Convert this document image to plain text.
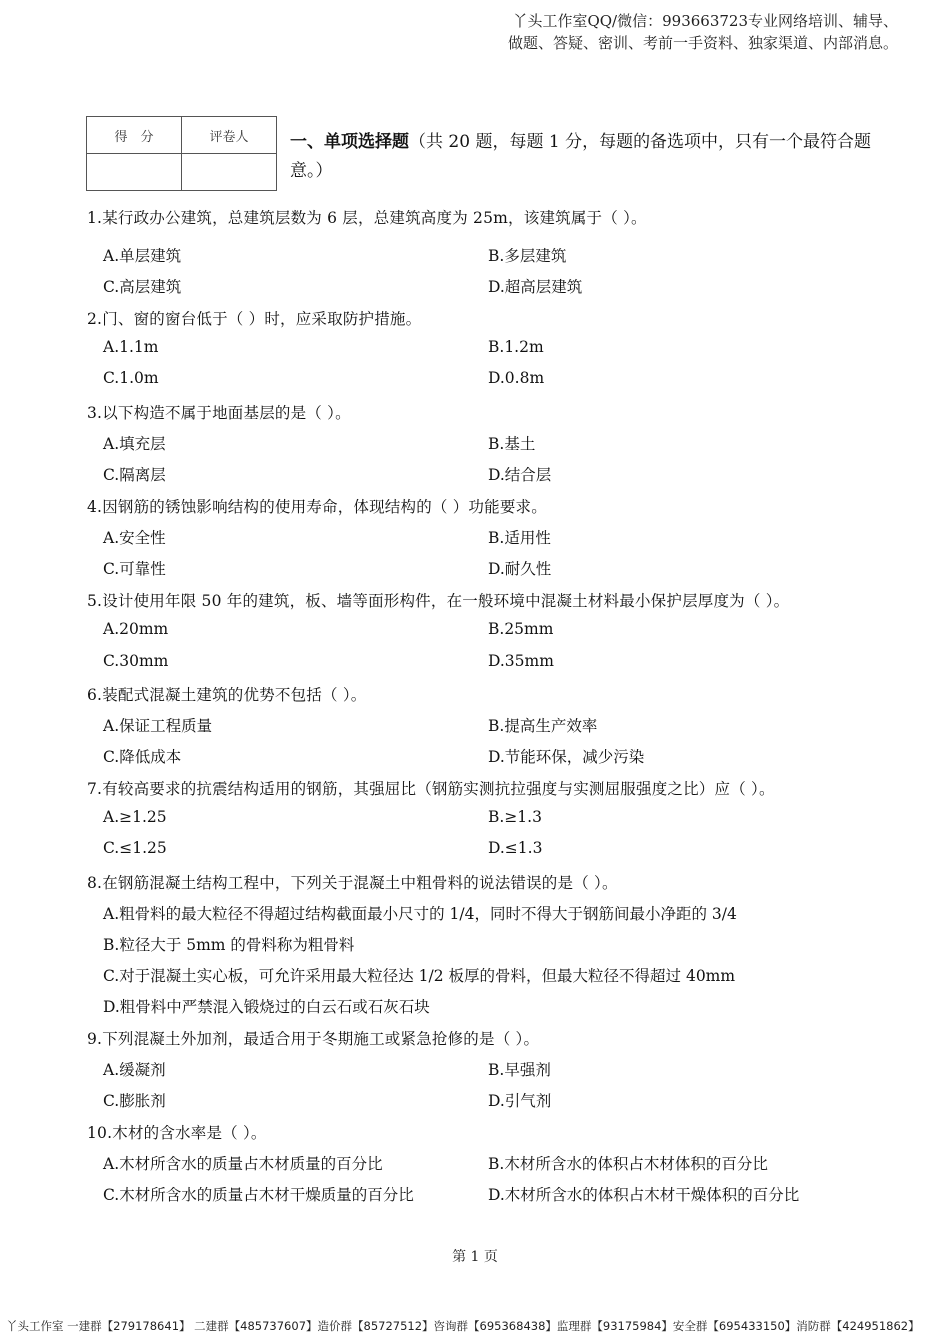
丫头工作室QQ/微信：993663723专业网络培训、辅导、
做题、答疑、密训、考前一手资料、独家渠道、内部消息。
得　分	评卷人
	一、单项选择题（共 20 题，每题 1 分，每题的备选项中，只有一个最符合题意。）
1.某行政办公建筑，总建筑层数为 6 层，总建筑高度为 25m，该建筑属于（ ）。
A.单层建筑	B.多层建筑
C.高层建筑	D.超高层建筑
2.门、窗的窗台低于（ ）时，应采取防护措施。
A.1.1m	B.1.2m
C.1.0m	D.0.8m
3.以下构造不属于地面基层的是（ ）。
A.填充层	B.基土
C.隔离层	D.结合层
4.因钢筋的锈蚀影响结构的使用寿命，体现结构的（ ）功能要求。
A.安全性	B.适用性
C.可靠性	D.耐久性
5.设计使用年限 50 年的建筑，板、墙等面形构件，在一般环境中混凝土材料最小保护层厚度为（ ）。
A.20mm	B.25mm
C.30mm	D.35mm
6.装配式混凝土建筑的优势不包括（ ）。
A.保证工程质量	B.提高生产效率
C.降低成本	D.节能环保，减少污染
7.有较高要求的抗震结构适用的钢筋，其强屈比（钢筋实测抗拉强度与实测屈服强度之比）应（ ）。
A.≥1.25	B.≥1.3
C.≤1.25	D.≤1.3
8.在钢筋混凝土结构工程中，下列关于混凝土中粗骨料的说法错误的是（ ）。
A.粗骨料的最大粒径不得超过结构截面最小尺寸的 1/4，同时不得大于钢筋间最小净距的 3/4
B.粒径大于 5mm 的骨料称为粗骨料
C.对于混凝土实心板，可允许采用最大粒径达 1/2 板厚的骨料，但最大粒径不得超过 40mm
D.粗骨料中严禁混入锻烧过的白云石或石灰石块
9.下列混凝土外加剂，最适合用于冬期施工或紧急抢修的是（ ）。
A.缓凝剂	B.早强剂
C.膨胀剂	D.引气剂
10.木材的含水率是（ ）。
A.木材所含水的质量占木材质量的百分比	B.木材所含水的体积占木材体积的百分比
C.木材所含水的质量占木材干燥质量的百分比	D.木材所含水的体积占木材干燥体积的百分比
第 1 页
丫头工作室 一建群【279178641】 二建群【485737607】造价群【85727512】咨询群【695368438】监理群【93175984】安全群【695433150】消防群【424951862】
